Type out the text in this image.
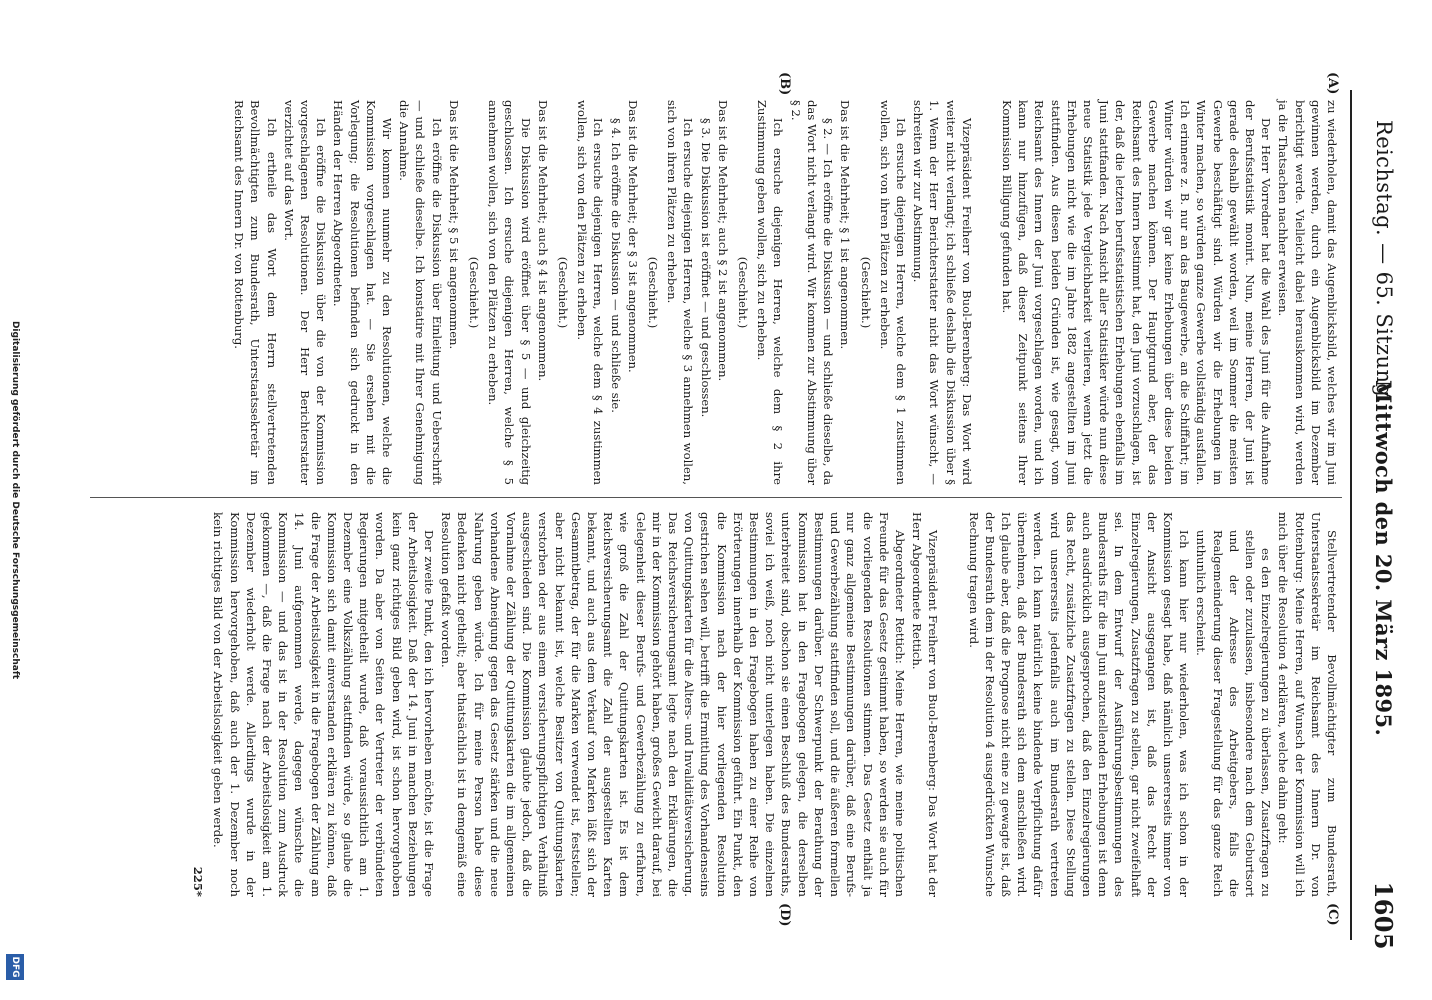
Reichstag. — 65. Sitzung.
Mittwoch den 20. März 1895.
1605
(A)
(B)
(C)
(D)

zu wiederholen, damit das Augenblicksbild, welches wir im Juni gewinnen werden, durch ein Augenblicksbild im Dezember berichtigt werde. Vielleicht dabei herauskommen wird, werden ja die Thatsachen nachher erweisen.

Der Herr Vorredner hat die Wahl des Juni für die Aufnahme der Berufsstatistik monirt. Nun, meine Herren, der Juni ist gerade deshalb gewählt worden, weil im Sommer die meisten Gewerbe beschäftigt sind. Würden wir die Erhebungen im Winter machen, so würden ganze Gewerbe vollständig ausfallen. Ich erinnere z. B. nur an das Baugewerbe, an die Schiffahrt; im Winter würden wir gar keine Erhebungen über diese beiden Gewerbe machen können. Der Hauptgrund aber, der das Reichsamt des Innern bestimmt hat, den Juni vorzuschlagen, ist der, daß die letzten berufsstatistischen Erhebungen ebenfalls im Juni stattfanden. Nach Ansicht aller Statistiker würde nun diese neue Statistik jede Vergleichbarkeit verlieren, wenn jetzt die Erhebungen nicht wie die im Jahre 1882 angestellten im Juni stattfinden. Aus diesen beiden Gründen ist, wie gesagt, vom Reichsamt des Innern der Juni vorgeschlagen worden, und ich kann nur hinzufügen, daß dieser Zeitpunkt seitens Ihrer Kommission Billigung gefunden hat.

Vizepräsident Freiherr von Buol-Berenberg: Das Wort wird weiter nicht verlangt; ich schließe deshalb die Diskussion über § 1. Wenn der Herr Berichterstatter nicht das Wort wünscht, — schreiten wir zur Abstimmung.

Ich ersuche diejenigen Herren, welche dem § 1 zustimmen wollen, sich von ihren Plätzen zu erheben.

(Geschieht.)

Das ist die Mehrheit; § 1 ist angenommen.

§ 2. — Ich eröffne die Diskussion — und schließe dieselbe, da das Wort nicht verlangt wird. Wir kommen zur Abstimmung über § 2.

Ich ersuche diejenigen Herren, welche dem § 2 ihre Zustimmung geben wollen, sich zu erheben.

(Geschieht.)

Das ist die Mehrheit; auch § 2 ist angenommen.

§ 3. Die Diskussion ist eröffnet — und geschlossen.

Ich ersuche diejenigen Herren, welche § 3 annehmen wollen, sich von ihren Plätzen zu erheben.

(Geschieht.)

Das ist die Mehrheit; der § 3 ist angenommen.

§ 4. Ich eröffne die Diskussion — und schließe sie.

Ich ersuche diejenigen Herren, welche dem § 4 zustimmen wollen, sich von den Plätzen zu erheben.

(Geschieht.)

Das ist die Mehrheit; auch § 4 ist angenommen.

Die Diskussion wird eröffnet über § 5 — und gleichzeitig geschlossen. Ich ersuche diejenigen Herren, welche § 5 annehmen wollen, sich von den Plätzen zu erheben.

(Geschieht.)

Das ist die Mehrheit; § 5 ist angenommen.

Ich eröffne die Diskussion über Einleitung und Ueberschrift — und schließe dieselbe. Ich konstatire mit Ihrer Genehmigung die Annahme.

Wir kommen nunmehr zu den Resolutionen, welche die Kommission vorgeschlagen hat. — Sie ersehen mit die Vorlegung; die Resolutionen befinden sich gedruckt in den Händen der Herren Abgeordneten.

Ich eröffne die Diskussion über die von der Kommission vorgeschlagenen Resolutionen. Der Herr Berichterstatter verzichtet auf das Wort.

Ich ertheile das Wort dem Herrn stellvertretenden Bevollmächtigten zum Bundesrath, Unterstaatssekretär im Reichsamt des Innern Dr. von Rottenburg.

Stellvertretender Bevollmächtigter zum Bundesrath, Unterstaatssekretär im Reichsamt des Innern Dr. von Rottenburg: Meine Herren, auf Wunsch der Kommission will ich mich über die Resolution 4 erklären, welche dahin geht:

es den Einzelregierungen zu überlassen, Zusatzfragen zu stellen oder zuzulassen, insbesondere nach dem Geburtsort und der Adresse des Arbeitgebers, falls die Realgemeinderung dieser Fragestellung für das ganze Reich unthunlich erscheint.

Ich kann hier nur wiederholen, was ich schon in der Kommission gesagt habe, daß nämlich unsererseits immer von der Ansicht ausgegangen ist, daß das Recht der Einzelregierungen, Zusatzfragen zu stellen, gar nicht zweifelhaft sei. In dem Entwurf der Ausführungsbestimmungen des Bundesraths für die im Juni anzustellenden Erhebungen ist denn auch ausdrücklich ausgesprochen, daß den Einzelregierungen das Recht, zusätzliche Zusatzfragen zu stellen. Diese Stellung wird unsererseits jedenfalls auch im Bundesrath vertreten werden. Ich kann natürlich keine bindende Verpflichtung dafür übernehmen, daß der Bundesrath sich dem anschließen wird. Ich glaube aber, daß die Prognose nicht eine zu gewagte ist, daß der Bundesrath dem in der Resolution 4 ausgedrückten Wunsche Rechnung tragen wird.

Vizepräsident Freiherr von Buol-Berenberg: Das Wort hat der Herr Abgeordnete Rettich.

Abgeordneter Rettich: Meine Herren, wie meine politischen Freunde für das Gesetz gestimmt haben, so werden sie auch für die vorliegenden Resolutionen stimmen. Das Gesetz enthält ja nur ganz allgemeine Bestimmungen darüber, daß eine Berufs- und Gewerbezählung stattfinden soll, und die äußeren formellen Bestimmungen darüber. Der Schwerpunkt der Berathung der Kommission hat in den Fragebogen gelegen, die derselben unterbreitet sind, obschon sie einen Beschluß des Bundesraths, soviel ich weiß, noch nicht unterlegen haben. Die einzelnen Bestimmungen in den Fragebogen haben zu einer Reihe von Erörterungen innerhalb der Kommission geführt. Ein Punkt, den die Kommission nach der hier vorliegenden Resolution gestrichen sehen will, betrifft die Ermittlung des Vorhandenseins von Quittungskarten für die Alters- und Invaliditätsversicherung. Das Reichsversicherungsamt legte nach den Erklärungen, die mir in der Kommission gehört haben, großes Gewicht darauf, bei Gelegenheit dieser Berufs- und Gewerbezählung zu erfahren, wie groß die Zahl der Quittungskarten ist. Es ist dem Reichsversicherungsamt die Zahl der ausgestellten Karten bekannt, und auch aus dem Verkauf von Marken läßt sich der Gesammtbetrag, der für die Marken verwendet ist, feststellen; aber nicht bekannt ist, welche Besitzer von Quittungskarten verstorben oder aus einem versicherungspflichtigen Verhältniß ausgeschieden sind. Die Kommission glaubte jedoch, daß die Vornahme der Zählung der Quittungskarten die im allgemeinen vorhandene Abneigung gegen das Gesetz stärken und die neue Nahrung geben würde. Ich für meine Person habe diese Bedenken nicht getheilt; aber thatsächlich ist in demgemäß eine Resolution gefaßt worden.

Der zweite Punkt, den ich hervorheben möchte, ist die Frage der Arbeitslosigkeit. Daß der 14. Juni in manchen Beziehungen kein ganz richtiges Bild geben wird, ist schon hervorgehoben worden. Da aber von Seiten der Vertreter der verbündeten Regierungen mitgetheilt wurde, daß voraussichtlich am 1. Dezember eine Volkszählung stattfinden würde, so glaube die Kommission sich damit einverstanden erklären zu können, daß die Frage der Arbeitslosigkeit in die Fragebogen der Zählung am 14. Juni aufgenommen werde, dagegen wünschte die Kommission — und das ist in der Resolution zum Ausdruck gekommen —, daß die Frage nach der Arbeitslosigkeit am 1. Dezember wiederholt werde. Allerdings wurde in der Kommission hervorgehoben, daß auch der 1. Dezember noch kein richtiges Bild von der Arbeitslosigkeit geben werde.

225*
Digitalisierung gefördert durch die Deutsche Forschungsgemeinschaft
DFG
